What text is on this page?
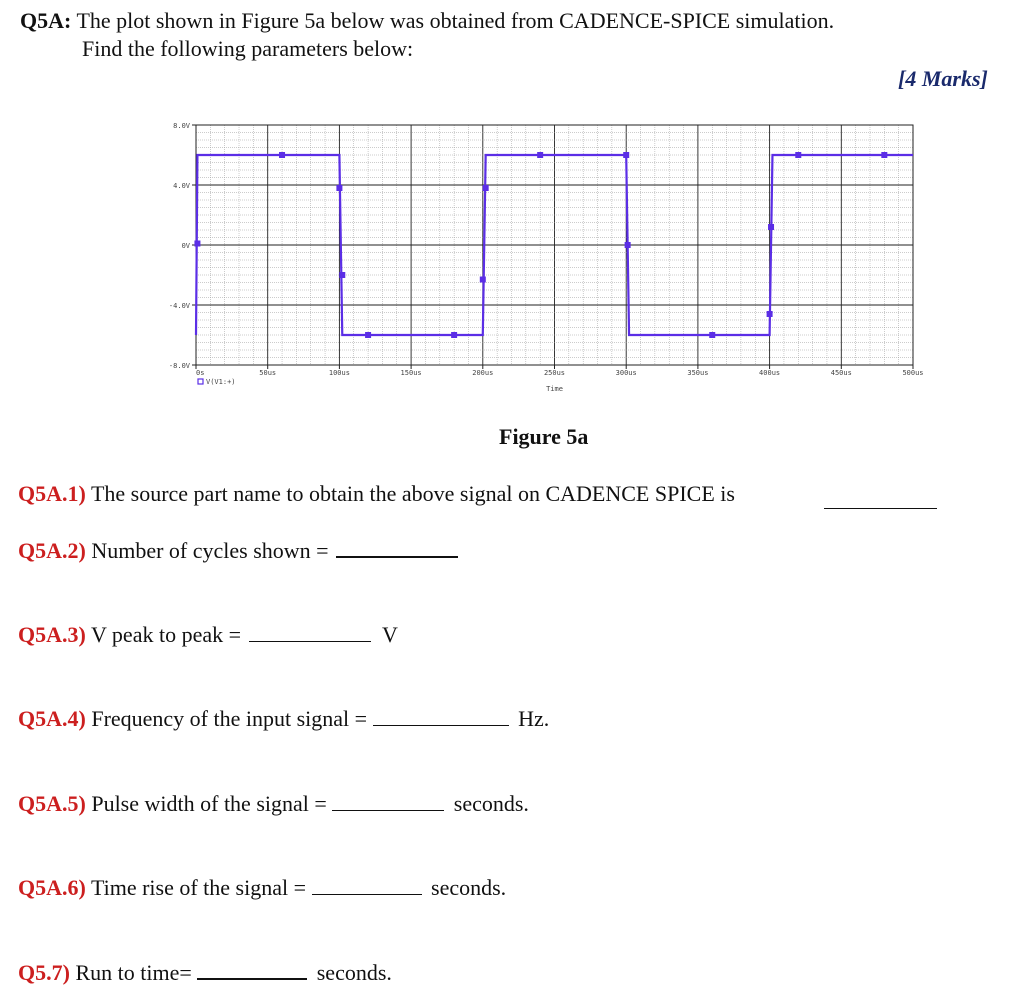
Q5A: The plot shown in Figure 5a below was obtained from CADENCE-SPICE simulation.
Find the following parameters below:
[4 Marks]
8.0V
4.0V
0V
-4.0V
-8.0V
0s	50us	100us	150us	200us	250us	300us	350us	400us	450us	500us
Time
V(V1:+)
Figure 5a
Q5A.1) The source part name to obtain the above signal on CADENCE SPICE is
Q5A.2) Number of cycles shown =
Q5A.3) V peak to peak =	V
Q5A.4) Frequency of the input signal =	Hz.
Q5A.5) Pulse width of the signal =	seconds.
Q5A.6) Time rise of the signal =	seconds.
Q5.7) Run to time=	seconds.
